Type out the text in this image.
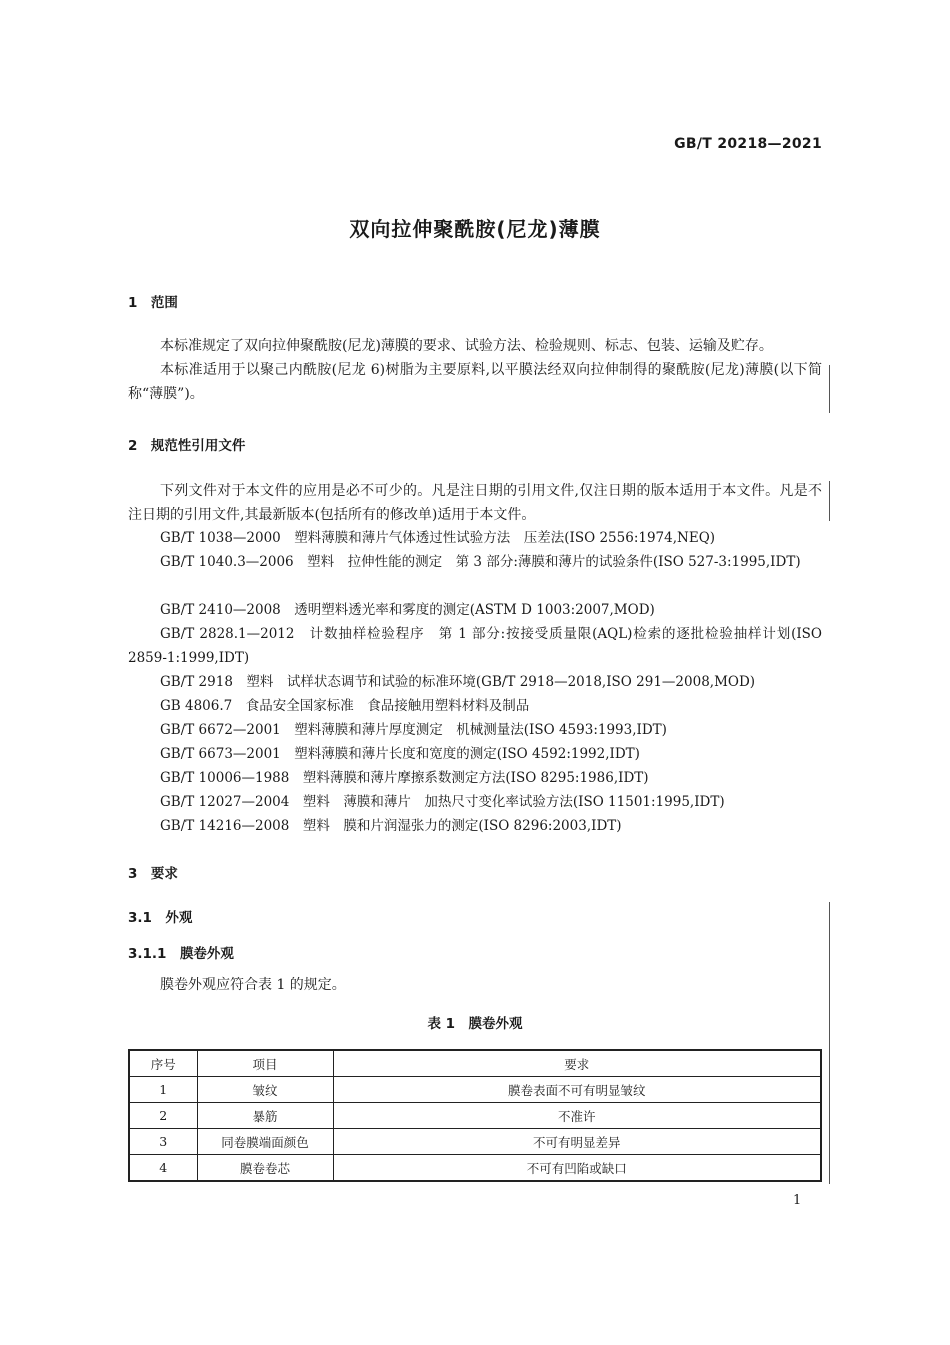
GB/T 20218—2021
双向拉伸聚酰胺(尼龙)薄膜
1　 范围
本标准规定了双向拉伸聚酰胺(尼龙)薄膜的要求、试验方法、检验规则、标志、包装、运输及贮存。
本标准适用于以聚己内酰胺(尼龙 6)树脂为主要原料,以平膜法经双向拉伸制得的聚酰胺(尼龙)薄膜(以下简称“薄膜”)。
2　 规范性引用文件
下列文件对于本文件的应用是必不可少的。凡是注日期的引用文件,仅注日期的版本适用于本文件。凡是不注日期的引用文件,其最新版本(包括所有的修改单)适用于本文件。
GB/T 1038—2000　塑料薄膜和薄片气体透过性试验方法　压差法(ISO 2556:1974,NEQ)
GB/T 1040.3—2006　塑料　拉伸性能的测定　第 3 部分:薄膜和薄片的试验条件(ISO 527-3:1995,IDT)
GB/T 2410—2008　透明塑料透光率和雾度的测定(ASTM D 1003:2007,MOD)
GB/T 2828.1—2012　计数抽样检验程序　第 1 部分:按接受质量限(AQL)检索的逐批检验抽样计划(ISO 2859-1:1999,IDT)
GB/T 2918　塑料　试样状态调节和试验的标准环境(GB/T 2918—2018,ISO 291—2008,MOD)
GB 4806.7　食品安全国家标准　食品接触用塑料材料及制品
GB/T 6672—2001　塑料薄膜和薄片厚度测定　机械测量法(ISO 4593:1993,IDT)
GB/T 6673—2001　塑料薄膜和薄片长度和宽度的测定(ISO 4592:1992,IDT)
GB/T 10006—1988　塑料薄膜和薄片摩擦系数测定方法(ISO 8295:1986,IDT)
GB/T 12027—2004　塑料　薄膜和薄片　加热尺寸变化率试验方法(ISO 11501:1995,IDT)
GB/T 14216—2008　塑料　膜和片润湿张力的测定(ISO 8296:2003,IDT)
3　 要求
3.1　 外观
3.1.1　 膜卷外观
膜卷外观应符合表 1 的规定。
表 1　膜卷外观
序号	项目	要求
1	皱纹	膜卷表面不可有明显皱纹
2	暴筋	不准许
3	同卷膜端面颜色	不可有明显差异
4	膜卷卷芯	不可有凹陷或缺口
1
